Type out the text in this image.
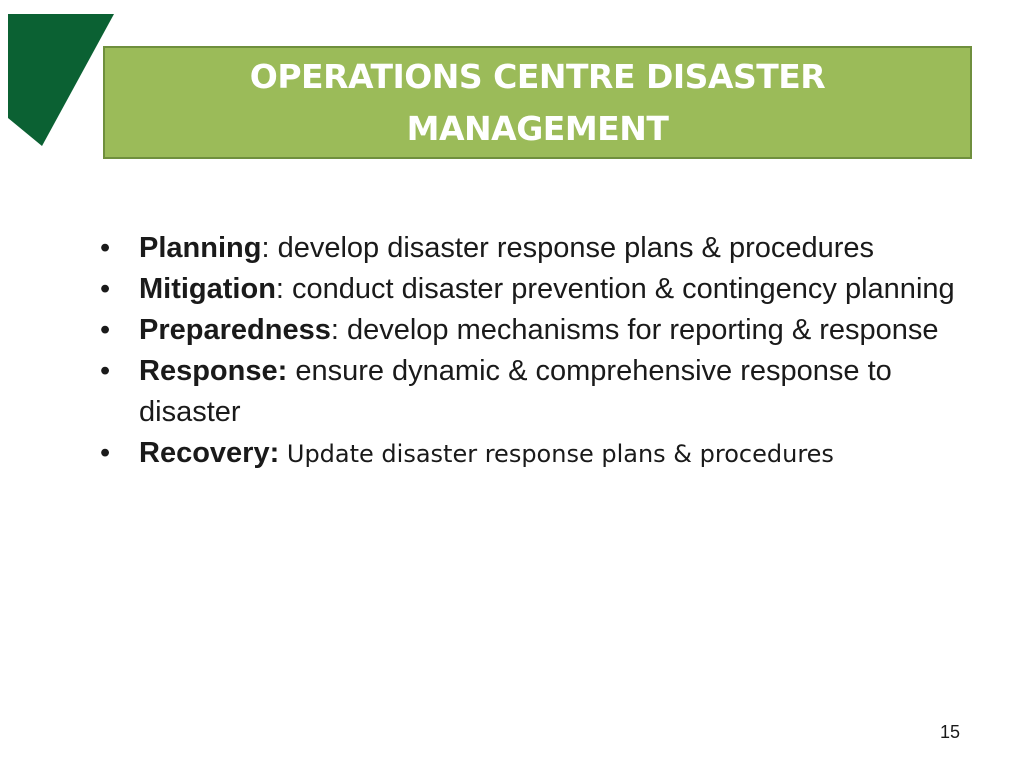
OPERATIONS CENTRE DISASTER MANAGEMENT
• Planning: develop disaster response plans & procedures
• Mitigation: conduct disaster prevention & contingency planning
• Preparedness: develop mechanisms for reporting & response
• Response: ensure dynamic & comprehensive response to disaster
• Recovery: Update disaster response plans & procedures
15
